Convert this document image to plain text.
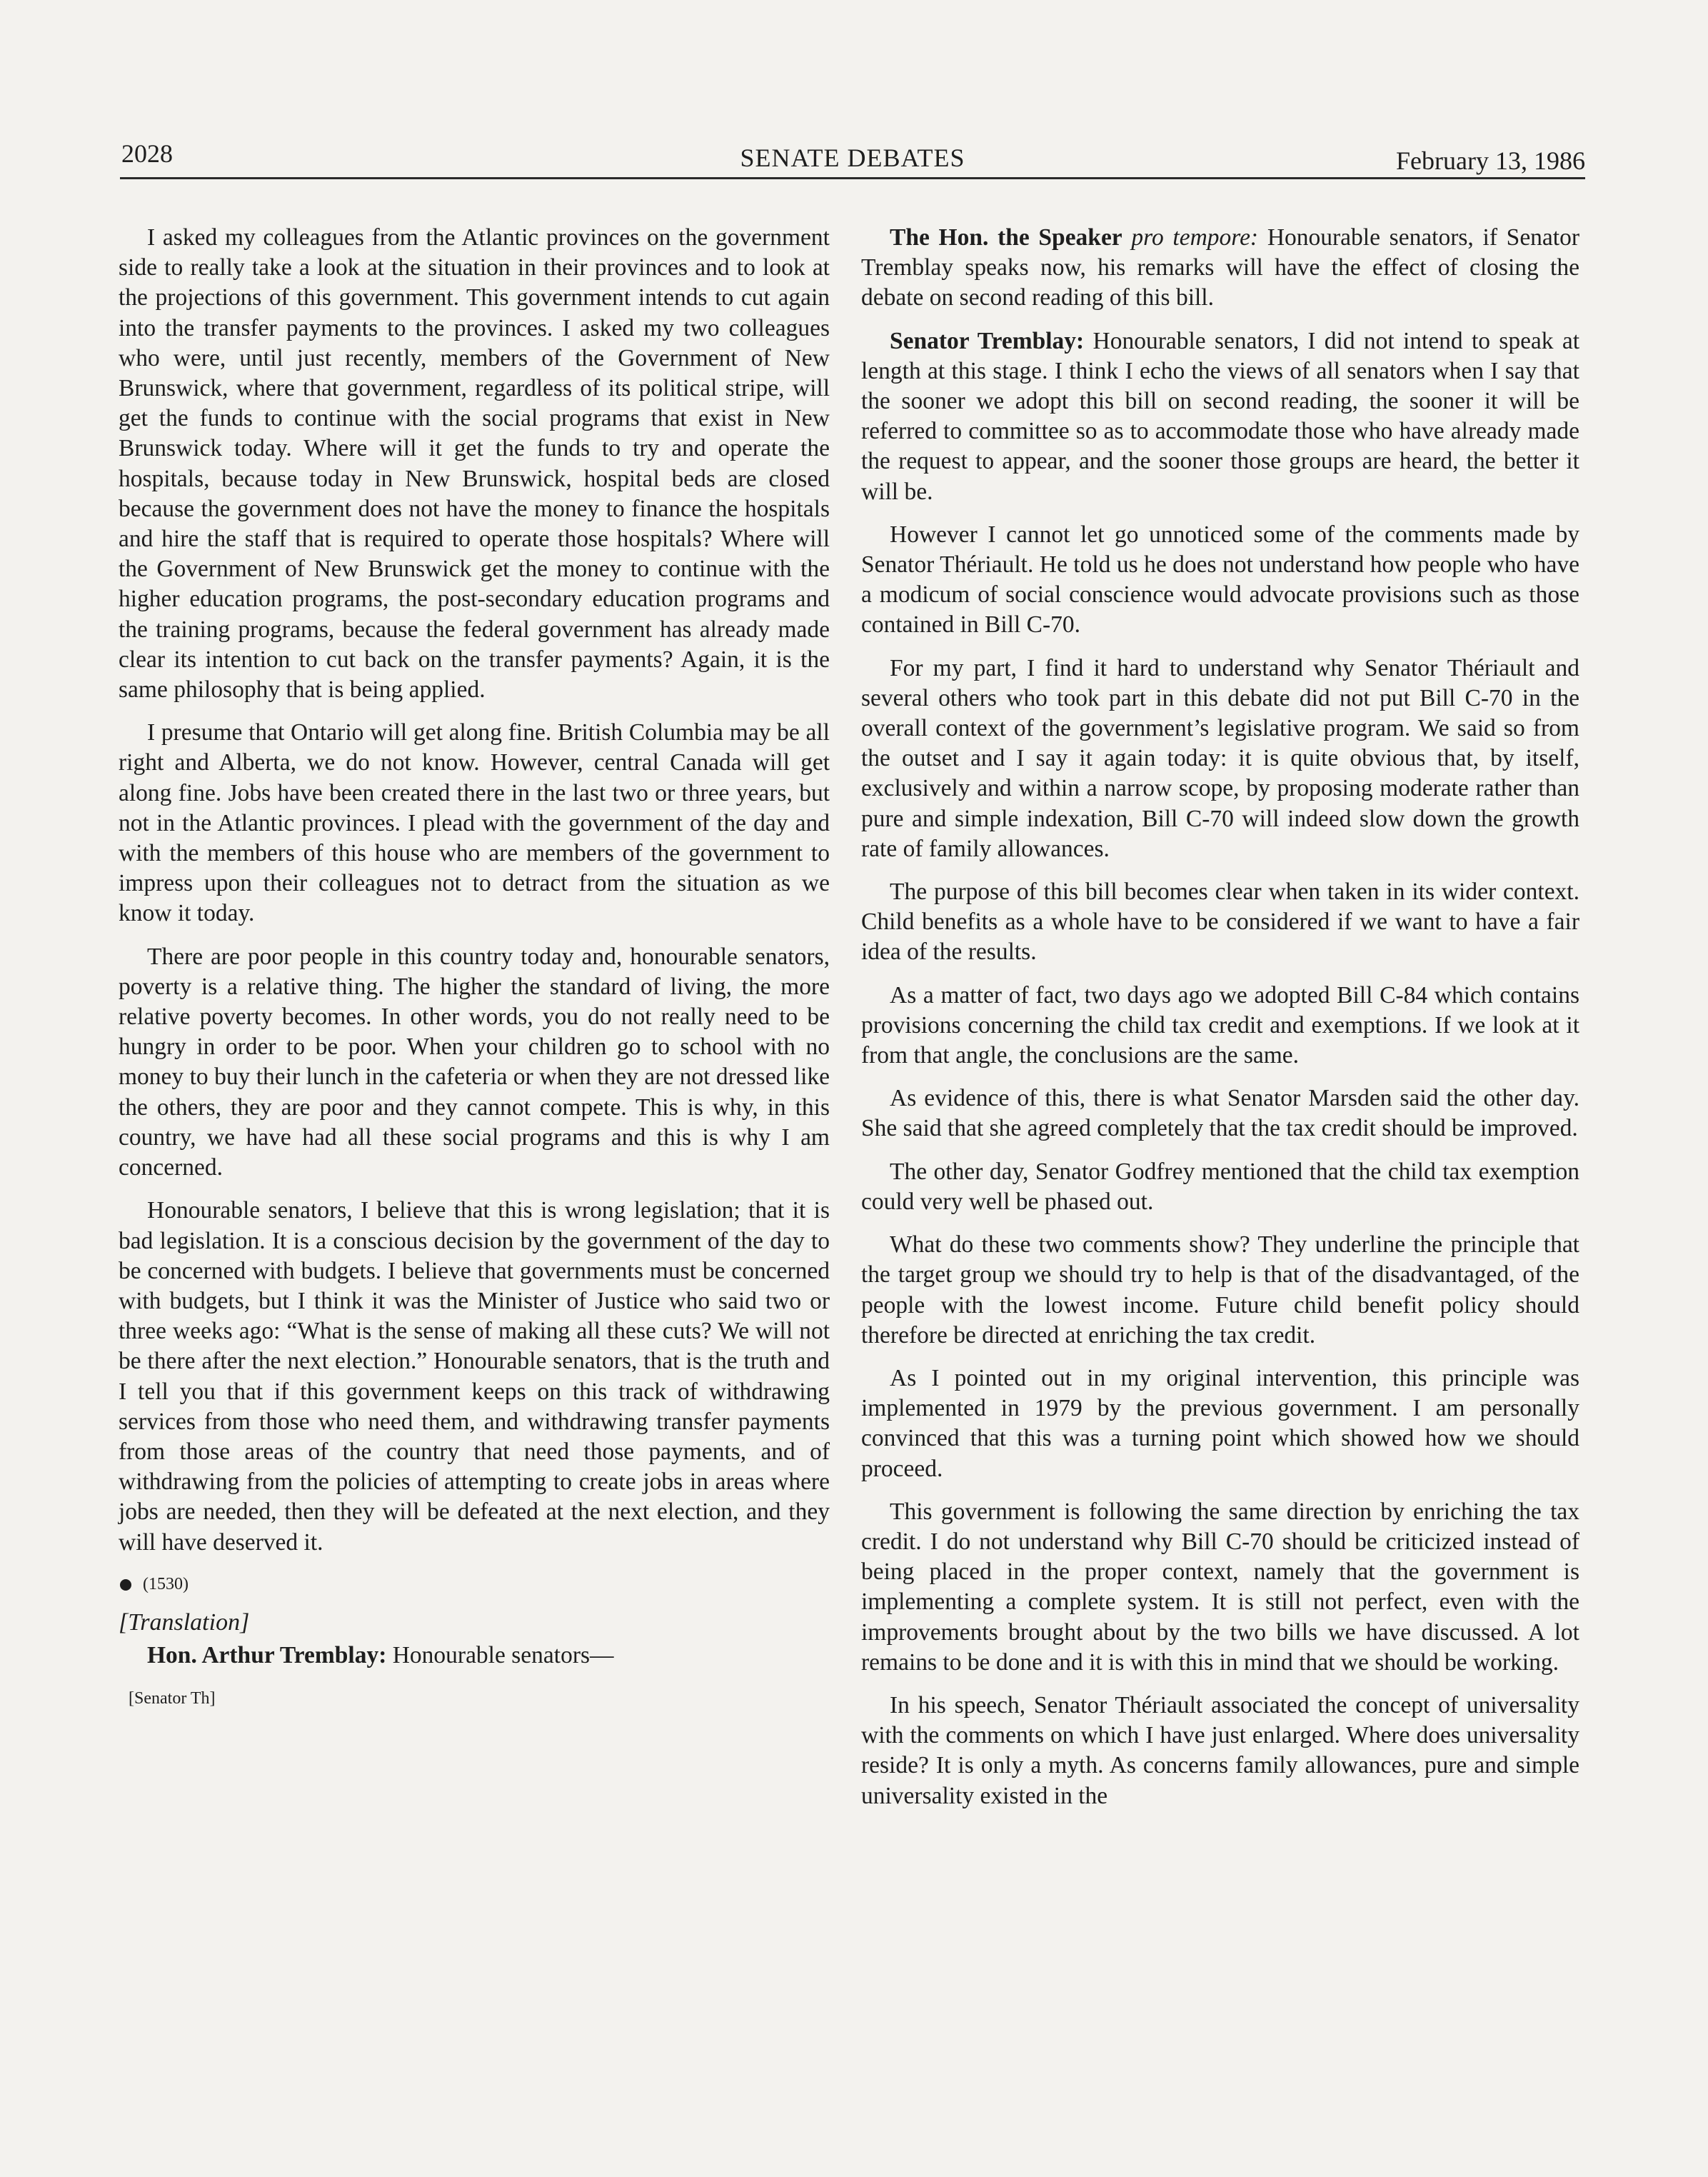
2028	SENATE DEBATES	February 13, 1986

I asked my colleagues from the Atlantic provinces on the government side to really take a look at the situation in their provinces and to look at the projections of this government. This government intends to cut again into the transfer payments to the provinces. I asked my two colleagues who were, until just recently, members of the Government of New Brunswick, where that government, regardless of its political stripe, will get the funds to continue with the social programs that exist in New Brunswick today. Where will it get the funds to try and operate the hospitals, because today in New Brunswick, hospital beds are closed because the government does not have the money to finance the hospitals and hire the staff that is required to operate those hospitals? Where will the Government of New Brunswick get the money to continue with the higher education programs, the post-secondary education programs and the training programs, because the federal government has already made clear its intention to cut back on the transfer payments? Again, it is the same philosophy that is being applied.

I presume that Ontario will get along fine. British Columbia may be all right and Alberta, we do not know. However, central Canada will get along fine. Jobs have been created there in the last two or three years, but not in the Atlantic provinces. I plead with the government of the day and with the members of this house who are members of the government to impress upon their colleagues not to detract from the situation as we know it today.

There are poor people in this country today and, honourable senators, poverty is a relative thing. The higher the standard of living, the more relative poverty becomes. In other words, you do not really need to be hungry in order to be poor. When your children go to school with no money to buy their lunch in the cafeteria or when they are not dressed like the others, they are poor and they cannot compete. This is why, in this country, we have had all these social programs and this is why I am concerned.

Honourable senators, I believe that this is wrong legislation; that it is bad legislation. It is a conscious decision by the government of the day to be concerned with budgets. I believe that governments must be concerned with budgets, but I think it was the Minister of Justice who said two or three weeks ago: “What is the sense of making all these cuts? We will not be there after the next election.” Honourable senators, that is the truth and I tell you that if this government keeps on this track of withdrawing services from those who need them, and withdrawing transfer payments from those areas of the country that need those payments, and of withdrawing from the policies of attempting to create jobs in areas where jobs are needed, then they will be defeated at the next election, and they will have deserved it.

(1530)
[Translation]

Hon. Arthur Tremblay: Honourable senators—

[Senator Th]

The Hon. the Speaker pro tempore: Honourable senators, if Senator Tremblay speaks now, his remarks will have the effect of closing the debate on second reading of this bill.

Senator Tremblay: Honourable senators, I did not intend to speak at length at this stage. I think I echo the views of all senators when I say that the sooner we adopt this bill on second reading, the sooner it will be referred to committee so as to accommodate those who have already made the request to appear, and the sooner those groups are heard, the better it will be.

However I cannot let go unnoticed some of the comments made by Senator Thériault. He told us he does not understand how people who have a modicum of social conscience would advocate provisions such as those contained in Bill C-70.

For my part, I find it hard to understand why Senator Thériault and several others who took part in this debate did not put Bill C-70 in the overall context of the government’s legislative program. We said so from the outset and I say it again today: it is quite obvious that, by itself, exclusively and within a narrow scope, by proposing moderate rather than pure and simple indexation, Bill C-70 will indeed slow down the growth rate of family allowances.

The purpose of this bill becomes clear when taken in its wider context. Child benefits as a whole have to be considered if we want to have a fair idea of the results.

As a matter of fact, two days ago we adopted Bill C-84 which contains provisions concerning the child tax credit and exemptions. If we look at it from that angle, the conclusions are the same.

As evidence of this, there is what Senator Marsden said the other day. She said that she agreed completely that the tax credit should be improved.

The other day, Senator Godfrey mentioned that the child tax exemption could very well be phased out.

What do these two comments show? They underline the principle that the target group we should try to help is that of the disadvantaged, of the people with the lowest income. Future child benefit policy should therefore be directed at enriching the tax credit.

As I pointed out in my original intervention, this principle was implemented in 1979 by the previous government. I am personally convinced that this was a turning point which showed how we should proceed.

This government is following the same direction by enriching the tax credit. I do not understand why Bill C-70 should be criticized instead of being placed in the proper context, namely that the government is implementing a complete system. It is still not perfect, even with the improvements brought about by the two bills we have discussed. A lot remains to be done and it is with this in mind that we should be working.

In his speech, Senator Thériault associated the concept of universality with the comments on which I have just enlarged. Where does universality reside? It is only a myth. As concerns family allowances, pure and simple universality existed in the
